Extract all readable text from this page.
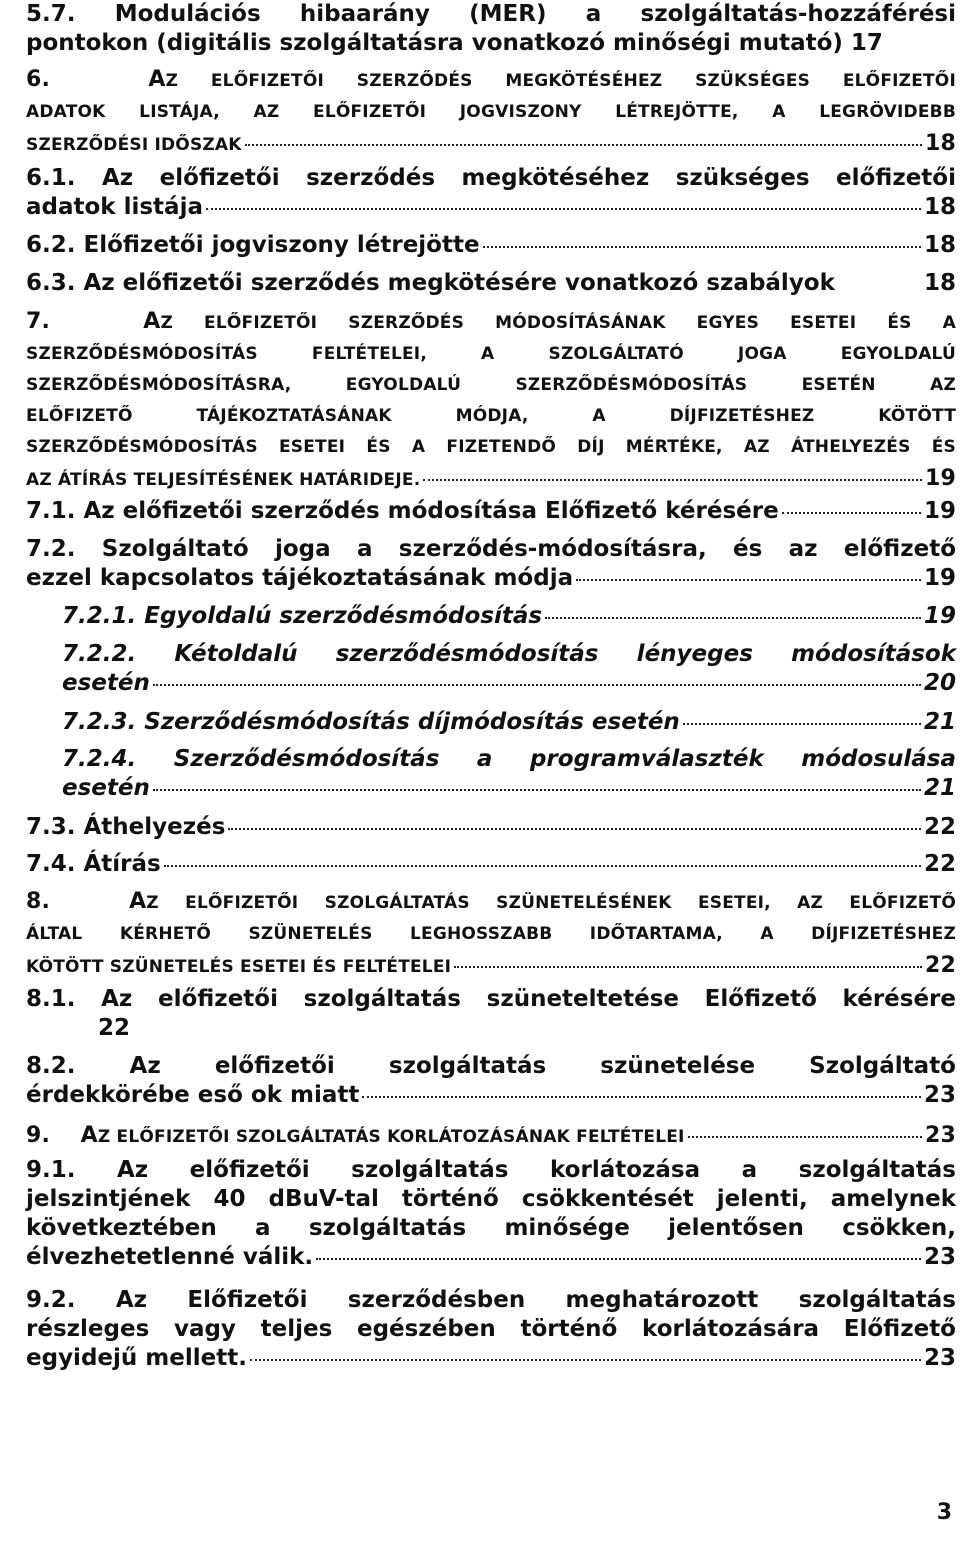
5.7. Modulációs hibaarány (MER) a szolgáltatás-hozzáférési
pontokon (digitális szolgáltatásra vonatkozó minőségi mutató) 17
6.	AZ ELŐFIZETŐI SZERZŐDÉS MEGKÖTÉSÉHEZ SZÜKSÉGES ELŐFIZETŐI
ADATOK LISTÁJA, AZ ELŐFIZETŐI JOGVISZONY LÉTREJÖTTE, A LEGRÖVIDEBB
SZERZŐDÉSI IDŐSZAK	18
6.1. Az előfizetői szerződés megkötéséhez szükséges előfizetői
adatok listája	18
6.2. Előfizetői jogviszony létrejötte	18
6.3. Az előfizetői szerződés megkötésére vonatkozó szabályok	18
7.	AZ ELŐFIZETŐI SZERZŐDÉS MÓDOSÍTÁSÁNAK EGYES ESETEI ÉS A
SZERZŐDÉSMÓDOSÍTÁS FELTÉTELEI, A SZOLGÁLTATÓ JOGA EGYOLDALÚ
SZERZŐDÉSMÓDOSÍTÁSRA, EGYOLDALÚ SZERZŐDÉSMÓDOSÍTÁS ESETÉN AZ
ELŐFIZETŐ TÁJÉKOZTATÁSÁNAK MÓDJA, A DÍJFIZETÉSHEZ KÖTÖTT
SZERZŐDÉSMÓDOSÍTÁS ESETEI ÉS A FIZETENDŐ DÍJ MÉRTÉKE, AZ ÁTHELYEZÉS ÉS
AZ ÁTÍRÁS TELJESÍTÉSÉNEK HATÁRIDEJE.	19
7.1. Az előfizetői szerződés módosítása Előfizető kérésére	19
7.2. Szolgáltató joga a szerződés-módosításra, és az előfizető
ezzel kapcsolatos tájékoztatásának módja	19
7.2.1. Egyoldalú szerződésmódosítás	19
7.2.2. Kétoldalú szerződésmódosítás lényeges módosítások
esetén	20
7.2.3. Szerződésmódosítás díjmódosítás esetén	21
7.2.4. Szerződésmódosítás a programválaszték módosulása
esetén	21
7.3. Áthelyezés	22
7.4. Átírás	22
8.	AZ ELŐFIZETŐI SZOLGÁLTATÁS SZÜNETELÉSÉNEK ESETEI, AZ ELŐFIZETŐ
ÁLTAL KÉRHETŐ SZÜNETELÉS LEGHOSSZABB IDŐTARTAMA, A DÍJFIZETÉSHEZ
KÖTÖTT SZÜNETELÉS ESETEI ÉS FELTÉTELEI	22
8.1. Az előfizetői szolgáltatás szüneteltetése Előfizető kérésére
22
8.2. Az előfizetői szolgáltatás szünetelése Szolgáltató
érdekkörébe eső ok miatt	23
9. AZ ELŐFIZETŐI SZOLGÁLTATÁS KORLÁTOZÁSÁNAK FELTÉTELEI	23
9.1. Az előfizetői szolgáltatás korlátozása a szolgáltatás
jelszintjének 40 dBuV-tal történő csökkentését jelenti, amelynek
következtében a szolgáltatás minősége jelentősen csökken,
élvezhetetlenné válik.	23
9.2. Az Előfizetői szerződésben meghatározott szolgáltatás
részleges vagy teljes egészében történő korlátozására Előfizető
egyidejű mellett.	23
3
